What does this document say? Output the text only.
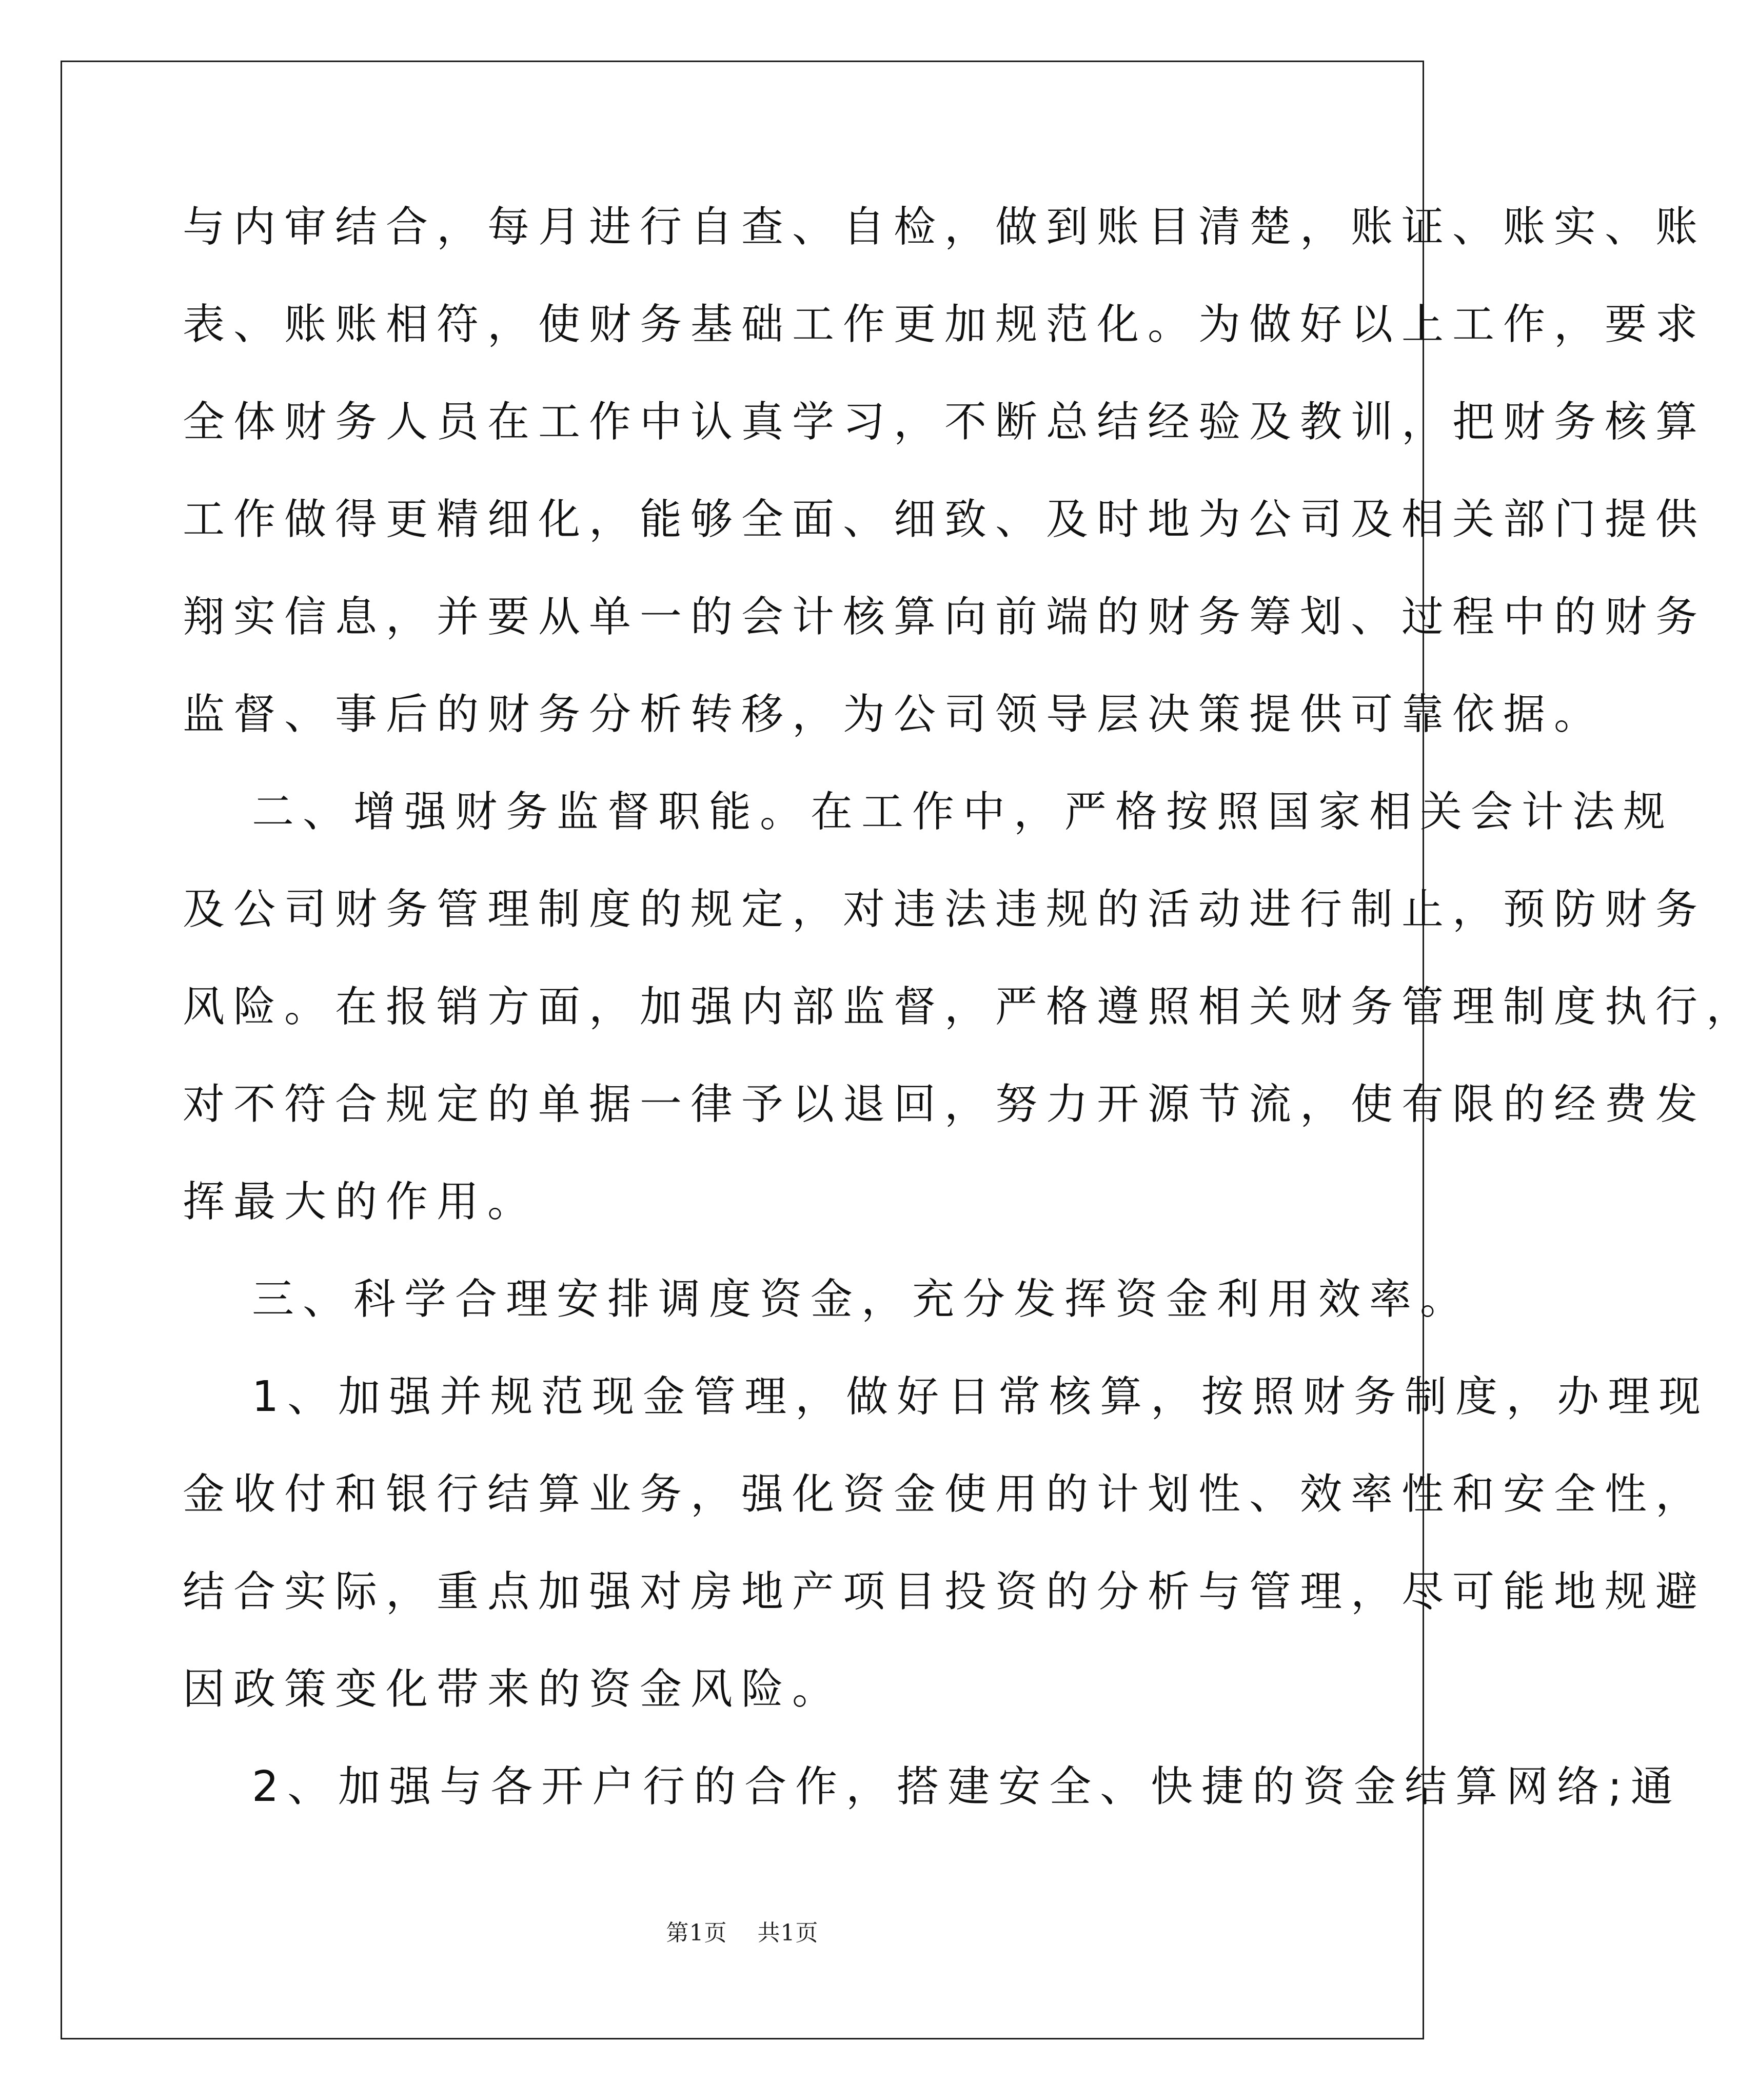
与内审结合，每月进行自查、自检，做到账目清楚，账证、账实、账
表、账账相符，使财务基础工作更加规范化。为做好以上工作，要求
全体财务人员在工作中认真学习，不断总结经验及教训，把财务核算
工作做得更精细化，能够全面、细致、及时地为公司及相关部门提供
翔实信息，并要从单一的会计核算向前端的财务筹划、过程中的财务
监督、事后的财务分析转移，为公司领导层决策提供可靠依据。
二、增强财务监督职能。在工作中，严格按照国家相关会计法规
及公司财务管理制度的规定，对违法违规的活动进行制止，预防财务
风险。在报销方面，加强内部监督，严格遵照相关财务管理制度执行，
对不符合规定的单据一律予以退回，努力开源节流，使有限的经费发
挥最大的作用。
三、科学合理安排调度资金，充分发挥资金利用效率。
1、加强并规范现金管理，做好日常核算，按照财务制度，办理现
金收付和银行结算业务，强化资金使用的计划性、效率性和安全性，
结合实际，重点加强对房地产项目投资的分析与管理，尽可能地规避
因政策变化带来的资金风险。
2、加强与各开户行的合作，搭建安全、快捷的资金结算网络;通
第1页 共1页
